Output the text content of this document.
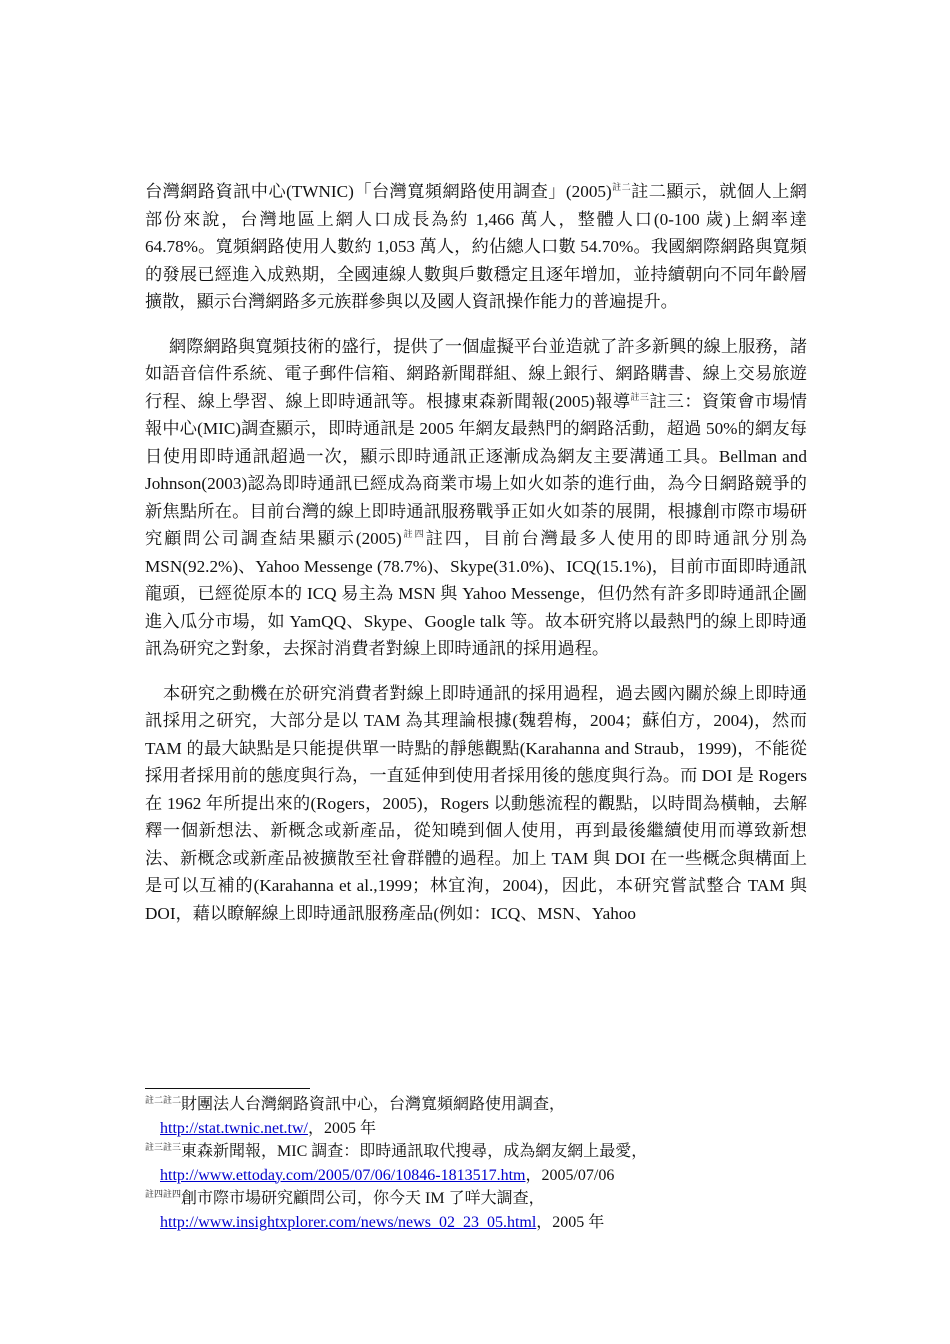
台灣網路資訊中心(TWNIC)「台灣寬頻網路使用調查」$(2005)^{註二}$註二顯示，就個人上網部份來說，台灣地區上網人口成長為約 1,466 萬人，整體人口(0-100 歲)上網率達 64.78%。寬頻網路使用人數約 1,053 萬人，約佔總人口數 54.70%。我國網際網路與寬頻的發展已經進入成熟期，全國連線人數與戶數穩定且逐年增加，並持續朝向不同年齡層擴散，顯示台灣網路多元族群參與以及國人資訊操作能力的普遍提升。

網際網路與寬頻技術的盛行，提供了一個虛擬平台並造就了許多新興的線上服務，諸如語音信件系統、電子郵件信箱、網路新聞群組、線上銀行、網路購書、線上交易旅遊行程、線上學習、線上即時通訊等。根據東森新聞報(2005)報導$^{註三}$註三：資策會市場情報中心(MIC)調查顯示，即時通訊是 2005 年網友最熱門的網路活動，超過 50%的網友每日使用即時通訊超過一次，顯示即時通訊正逐漸成為網友主要溝通工具。Bellman and Johnson(2003)認為即時通訊已經成為商業市場上如火如荼的進行曲，為今日網路競爭的新焦點所在。目前台灣的線上即時通訊服務戰爭正如火如荼的展開，根據創市際市場研究顧問公司調查結果顯示$(2005)^{註四}$註四，目前台灣最多人使用的即時通訊分別為 MSN(92.2%)、Yahoo Messenge (78.7%)、Skype(31.0%)、ICQ(15.1%)，目前市面即時通訊龍頭，已經從原本的 ICQ 易主為 MSN 與 Yahoo Messenge，但仍然有許多即時通訊企圖進入瓜分市場，如 YamQQ、Skype、Google talk 等。故本研究將以最熱門的線上即時通訊為研究之對象，去探討消費者對線上即時通訊的採用過程。

本研究之動機在於研究消費者對線上即時通訊的採用過程，過去國內關於線上即時通訊採用之研究，大部分是以 TAM 為其理論根據(魏碧梅，2004；蘇伯方，2004)，然而 TAM 的最大缺點是只能提供單一時點的靜態觀點(Karahanna and Straub，1999)，不能從採用者採用前的態度與行為，一直延伸到使用者採用後的態度與行為。而 DOI 是 Rogers 在 1962 年所提出來的(Rogers，2005)，Rogers 以動態流程的觀點，以時間為橫軸，去解釋一個新想法、新概念或新產品，從知曉到個人使用，再到最後繼續使用而導致新想法、新概念或新產品被擴散至社會群體的過程。加上 TAM 與 DOI 在一些概念與構面上是可以互補的(Karahanna et al.,1999；林宜洵，2004)，因此，本研究嘗試整合 TAM 與 DOI，藉以瞭解線上即時通訊服務產品(例如：ICQ、MSN、Yahoo

$^{註二註二}$財團法人台灣網路資訊中心，台灣寬頻網路使用調查，
http://stat.twnic.net.tw/，2005 年

$^{註三註三}$東森新聞報，MIC 調查：即時通訊取代搜尋，成為網友網上最愛，http://www.ettoday.com/2005/07/06/10846-1813517.htm，2005/07/06

$^{註四註四}$創市際市場研究顧問公司，你今天 IM 了咩大調查，
http://www.insightxplorer.com/news/news_02_23_05.html，2005 年
